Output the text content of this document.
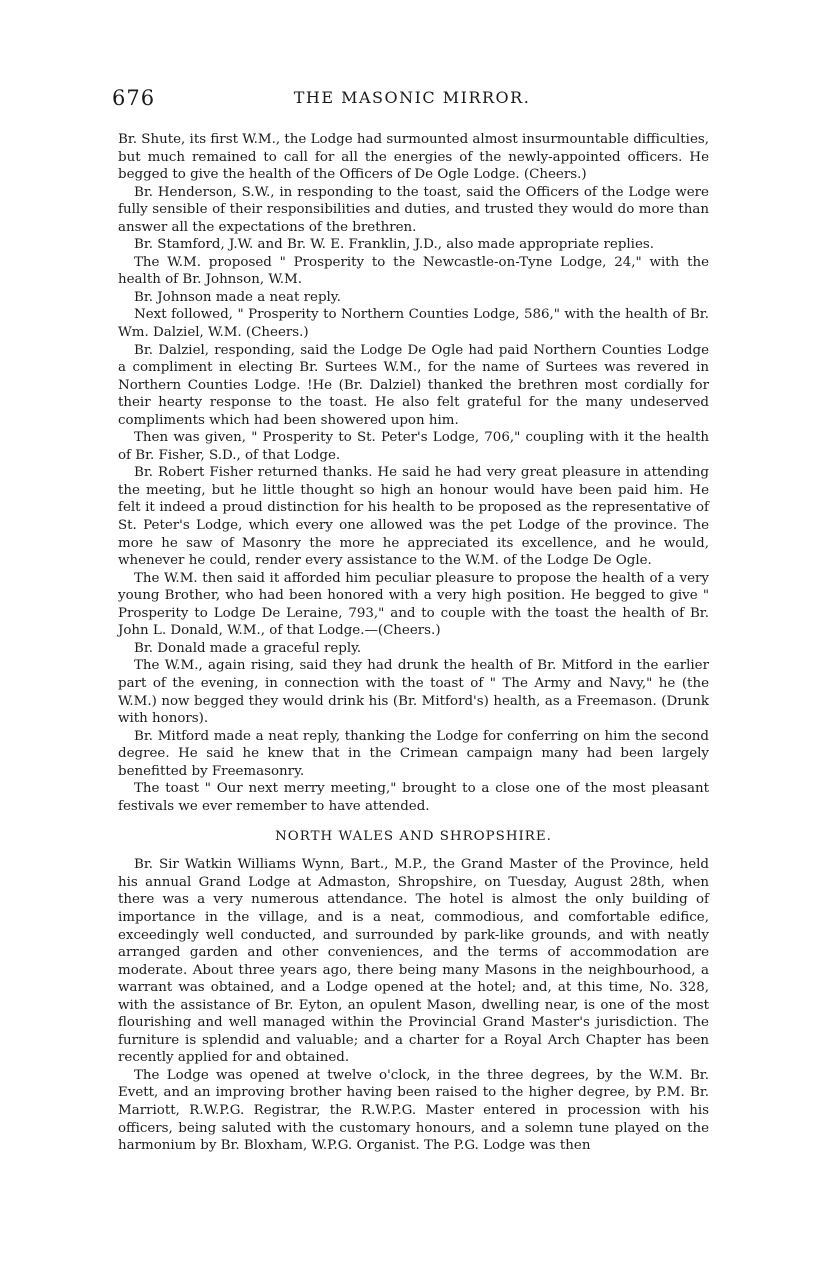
676	THE MASONIC MIRROR.

Br. Shute, its first W.M., the Lodge had surmounted almost insurmountable difficulties, but much remained to call for all the energies of the newly-appointed officers. He begged to give the health of the Officers of De Ogle Lodge. (Cheers.)

Br. Henderson, S.W., in responding to the toast, said the Officers of the Lodge were fully sensible of their responsibilities and duties, and trusted they would do more than answer all the expectations of the brethren.

Br. Stamford, J.W. and Br. W. E. Franklin, J.D., also made appropriate replies.

The W.M. proposed " Prosperity to the Newcastle-on-Tyne Lodge, 24," with the health of Br. Johnson, W.M.

Br. Johnson made a neat reply.

Next followed, " Prosperity to Northern Counties Lodge, 586," with the health of Br. Wm. Dalziel, W.M. (Cheers.)

Br. Dalziel, responding, said the Lodge De Ogle had paid Northern Counties Lodge a compliment in electing Br. Surtees W.M., for the name of Surtees was revered in Northern Counties Lodge. !He (Br. Dalziel) thanked the brethren most cordially for their hearty response to the toast. He also felt grateful for the many undeserved compliments which had been showered upon him.

Then was given, " Prosperity to St. Peter's Lodge, 706," coupling with it the health of Br. Fisher, S.D., of that Lodge.

Br. Robert Fisher returned thanks. He said he had very great pleasure in attending the meeting, but he little thought so high an honour would have been paid him. He felt it indeed a proud distinction for his health to be proposed as the representative of St. Peter's Lodge, which every one allowed was the pet Lodge of the province. The more he saw of Masonry the more he appreciated its excellence, and he would, whenever he could, render every assistance to the W.M. of the Lodge De Ogle.

The W.M. then said it afforded him peculiar pleasure to propose the health of a very young Brother, who had been honored with a very high position. He begged to give " Prosperity to Lodge De Leraine, 793," and to couple with the toast the health of Br. John L. Donald, W.M., of that Lodge.—(Cheers.)

Br. Donald made a graceful reply.

The W.M., again rising, said they had drunk the health of Br. Mitford in the earlier part of the evening, in connection with the toast of " The Army and Navy," he (the W.M.) now begged they would drink his (Br. Mitford's) health, as a Freemason. (Drunk with honors).

Br. Mitford made a neat reply, thanking the Lodge for conferring on him the second degree. He said he knew that in the Crimean campaign many had been largely benefitted by Freemasonry.

The toast " Our next merry meeting," brought to a close one of the most pleasant festivals we ever remember to have attended.

NORTH WALES AND SHROPSHIRE.

Br. Sir Watkin Williams Wynn, Bart., M.P., the Grand Master of the Province, held his annual Grand Lodge at Admaston, Shropshire, on Tuesday, August 28th, when there was a very numerous attendance. The hotel is almost the only building of importance in the village, and is a neat, commodious, and comfortable edifice, exceedingly well conducted, and surrounded by park-like grounds, and with neatly arranged garden and other conveniences, and the terms of accommodation are moderate. About three years ago, there being many Masons in the neighbourhood, a warrant was obtained, and a Lodge opened at the hotel; and, at this time, No. 328, with the assistance of Br. Eyton, an opulent Mason, dwelling near, is one of the most flourishing and well managed within the Provincial Grand Master's jurisdiction. The furniture is splendid and valuable; and a charter for a Royal Arch Chapter has been recently applied for and obtained.

The Lodge was opened at twelve o'clock, in the three degrees, by the W.M. Br. Evett, and an improving brother having been raised to the higher degree, by P.M. Br. Marriott, R.W.P.G. Registrar, the R.W.P.G. Master entered in procession with his officers, being saluted with the customary honours, and a solemn tune played on the harmonium by Br. Bloxham, W.P.G. Organist. The P.G. Lodge was then
